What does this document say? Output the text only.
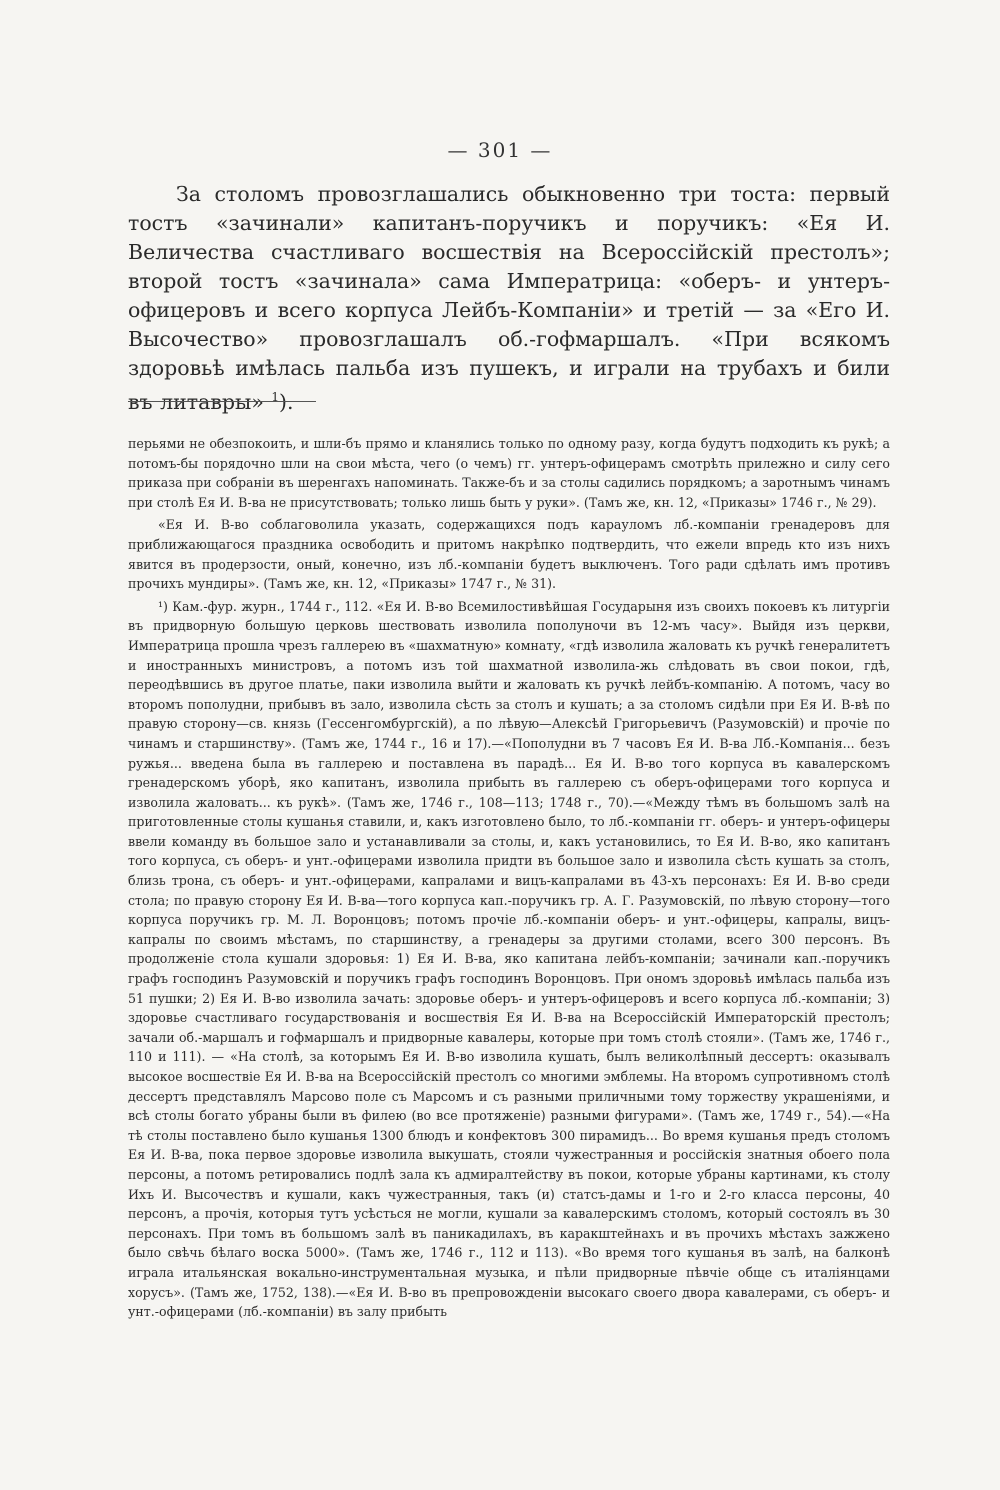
— 301 —

За столомъ провозглашались обыкновенно три тоста: первый тостъ «зачинали» капитанъ-поручикъ и поручикъ: «Ея И. Величества счастливаго восшествія на Всероссійскій престолъ»; второй тостъ «зачинала» сама Императрица: «оберъ- и унтеръ-офицеровъ и всего корпуса Лейбъ-Компаніи» и третій — за «Его И. Высочество» провозглашалъ об.-гофмаршалъ. «При всякомъ здоровьѣ имѣлась пальба изъ пушекъ, и играли на трубахъ и били въ литавры» $^1$).

перьями не обезпокоить, и шли-бъ прямо и кланялись только по одному разу, когда будутъ подходить къ рукѣ; а потомъ-бы порядочно шли на свои мѣста, чего (о чемъ) гг. унтеръ-офицерамъ смотрѣть прилежно и силу сего приказа при собраніи въ шеренгахъ напоминать. Также-бъ и за столы садились порядкомъ; а заротнымъ чинамъ при столѣ Ея И. В-ва не присутствовать; только лишь быть у руки». (Тамъ же, кн. 12, «Приказы» 1746 г., № 29).

«Ея И. В-во соблаговолила указать, содержащихся подъ карауломъ лб.-компаніи гренадеровъ для приближающагося праздника освободить и притомъ накрѣпко подтвердить, что ежели впредь кто изъ нихъ явится въ продерзости, оный, конечно, изъ лб.-компаніи будетъ выключенъ. Того ради сдѣлать имъ противъ прочихъ мундиры». (Тамъ же, кн. 12, «Приказы» 1747 г., № 31).

¹) Кам.-фур. журн., 1744 г., 112. «Ея И. В-во Всемилостивѣйшая Государыня изъ своихъ покоевъ къ литургіи въ придворную большую церковь шествовать изволила пополуночи въ 12-мъ часу». Выйдя изъ церкви, Императрица прошла чрезъ галлерею въ «шахматную» комнату, «гдѣ изволила жаловать къ ручкѣ генералитетъ и иностранныхъ министровъ, а потомъ изъ той шахматной изволила-жь слѣдовать въ свои покои, гдѣ, переодѣвшись въ другое платье, паки изволила выйти и жаловать къ ручкѣ лейбъ-компанію. А потомъ, часу во второмъ пополудни, прибывъ въ зало, изволила сѣсть за столъ и кушать; а за столомъ сидѣли при Ея И. В-вѣ по правую сторону—св. князь (Гессенгомбургскій), а по лѣвую—Алексѣй Григорьевичъ (Разумовскій) и прочіе по чинамъ и старшинству». (Тамъ же, 1744 г., 16 и 17).—«Пополудни въ 7 часовъ Ея И. В-ва Лб.-Компанія... безъ ружья... введена была въ галлерею и поставлена въ парадѣ... Ея И. В-во того корпуса въ кавалерскомъ гренадерскомъ уборѣ, яко капитанъ, изволила прибыть въ галлерею съ оберъ-офицерами того корпуса и изволила жаловать... къ рукѣ». (Тамъ же, 1746 г., 108—113; 1748 г., 70).—«Между тѣмъ въ большомъ залѣ на приготовленные столы кушанья ставили, и, какъ изготовлено было, то лб.-компаніи гг. оберъ- и унтеръ-офицеры ввели команду въ большое зало и устанавливали за столы, и, какъ установились, то Ея И. В-во, яко капитанъ того корпуса, съ оберъ- и унт.-офицерами изволила придти въ большое зало и изволила сѣсть кушать за столъ, близь трона, съ оберъ- и унт.-офицерами, капралами и вицъ-капралами въ 43-хъ персонахъ: Ея И. В-во среди стола; по правую сторону Ея И. В-ва—того корпуса кап.-поручикъ гр. А. Г. Разумовскій, по лѣвую сторону—того корпуса поручикъ гр. М. Л. Воронцовъ; потомъ прочіе лб.-компаніи оберъ- и унт.-офицеры, капралы, вицъ-капралы по своимъ мѣстамъ, по старшинству, а гренадеры за другими столами, всего 300 персонъ. Въ продолженіе стола кушали здоровья: 1) Ея И. В-ва, яко капитана лейбъ-компаніи; зачинали кап.-поручикъ графъ господинъ Разумовскій и поручикъ графъ господинъ Воронцовъ. При ономъ здоровьѣ имѣлась пальба изъ 51 пушки; 2) Ея И. В-во изволила зачать: здоровье оберъ- и унтеръ-офицеровъ и всего корпуса лб.-компаніи; 3) здоровье счастливаго государствованія и восшествія Ея И. В-ва на Всероссійскій Императорскій престолъ; зачали об.-маршалъ и гофмаршалъ и придворные кавалеры, которые при томъ столѣ стояли». (Тамъ же, 1746 г., 110 и 111). — «На столѣ, за которымъ Ея И. В-во изволила кушать, былъ великолѣпный дессертъ: оказывалъ высокое восшествіе Ея И. В-ва на Всероссійскій престолъ со многими эмблемы. На второмъ супротивномъ столѣ дессертъ представлялъ Марсово поле съ Марсомъ и съ разными приличными тому торжеству украшеніями, и всѣ столы богато убраны были въ филею (во все протяженіе) разными фигурами». (Тамъ же, 1749 г., 54).—«На тѣ столы поставлено было кушанья 1300 блюдъ и конфектовъ 300 пирамидъ... Во время кушанья предъ столомъ Ея И. В-ва, пока первое здоровье изволила выкушать, стояли чужестранныя и россійскія знатныя обоего пола персоны, а потомъ ретировались подлѣ зала къ адмиралтейству въ покои, которые убраны картинами, къ столу Ихъ И. Высочествъ и кушали, какъ чужестранныя, такъ (и) статсъ-дамы и 1-го и 2-го класса персоны, 40 персонъ, а прочія, которыя тутъ усѣсться не могли, кушали за кавалерскимъ столомъ, который состоялъ въ 30 персонахъ. При томъ въ большомъ залѣ въ паникадилахъ, въ каракштейнахъ и въ прочихъ мѣстахъ зажжено было свѣчь бѣлаго воска 5000». (Тамъ же, 1746 г., 112 и 113). «Во время того кушанья въ залѣ, на балконѣ играла итальянская вокально-инструментальная музыка, и пѣли придворные пѣвчіе обще съ италіянцами хорусъ». (Тамъ же, 1752, 138).—«Ея И. В-во въ препровожденіи высокаго своего двора кавалерами, съ оберъ- и унт.-офицерами (лб.-компаніи) въ залу прибыть
